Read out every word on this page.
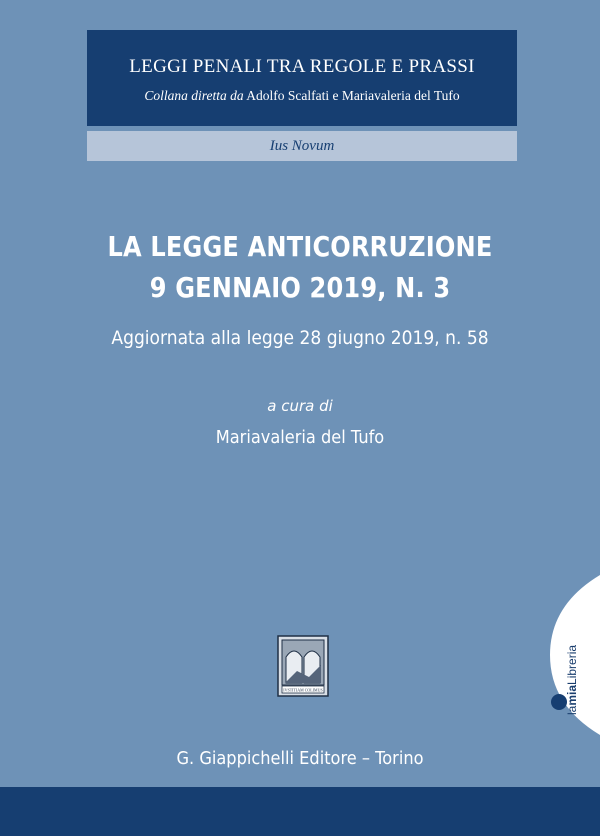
LEGGI PENALI TRA REGOLE E PRASSI
Collana diretta da Adolfo Scalfati e Mariavaleria del Tufo
Ius Novum
LA LEGGE ANTICORRUZIONE
9 GENNAIO 2019, N. 3
Aggiornata alla legge 28 giugno 2019, n. 58
a cura di
Mariavaleria del Tufo
IVSTITIAM COLIMUS
G. Giappichelli Editore – Torino
lamiaLibreria
